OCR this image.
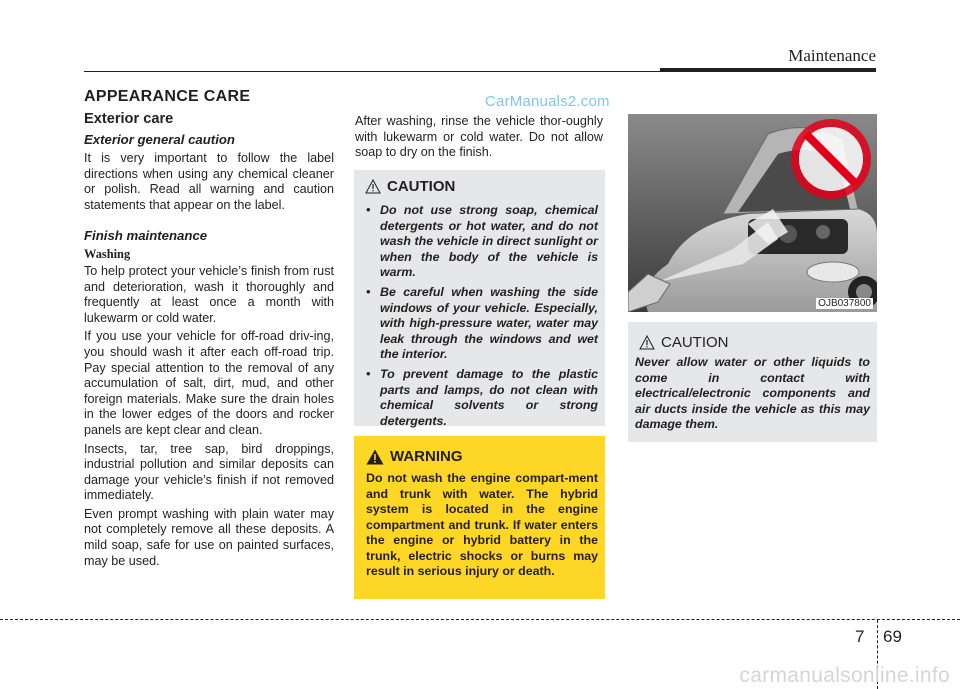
Maintenance
APPEARANCE CARE	CarManuals2.com
Exterior care
Exterior general caution

It is very important to follow the label directions when using any chemical cleaner or polish. Read all warning and caution statements that appear on the label.

Finish maintenance
Washing

To help protect your vehicle’s finish from rust and deterioration, wash it thoroughly and frequently at least once a month with lukewarm or cold water.

If you use your vehicle for off-road driv-ing, you should wash it after each off-road trip. Pay special attention to the removal of any accumulation of salt, dirt, mud, and other foreign materials. Make sure the drain holes in the lower edges of the doors and rocker panels are kept clear and clean.

Insects, tar, tree sap, bird droppings, industrial pollution and similar deposits can damage your vehicle’s finish if not removed immediately.

Even prompt washing with plain water may not completely remove all these deposits. A mild soap, safe for use on painted surfaces, may be used.

After washing, rinse the vehicle thor-oughly with lukewarm or cold water. Do not allow soap to dry on the finish.

CAUTION
• Do not use strong soap, chemical detergents or hot water, and do not wash the vehicle in direct sunlight or when the body of the vehicle is warm.
• Be careful when washing the side windows of your vehicle. Especially, with high-pressure water, water may leak through the windows and wet the interior.
• To prevent damage to the plastic parts and lamps, do not clean with chemical solvents or strong detergents.
WARNING

Do not wash the engine compart-ment and trunk with water. The hybrid system is located in the engine compartment and trunk. If water enters the engine or hybrid battery in the trunk, electric shocks or burns may result in serious injury or death.

OJB037800
CAUTION

Never allow water or other liquids to come in contact with electrical/electronic components and air ducts inside the vehicle as this may damage them.

7 69
carmanualsonline.info
